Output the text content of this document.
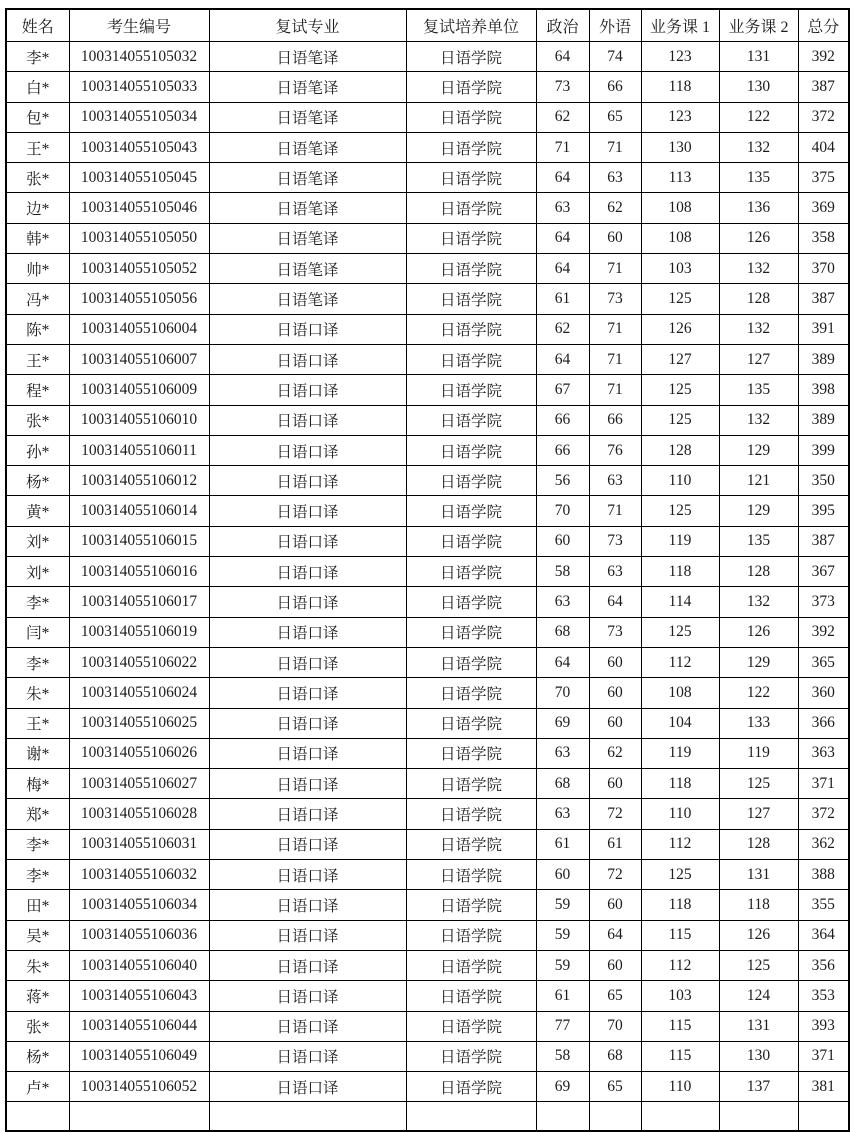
姓名	考生编号	复试专业	复试培养单位	政治	外语	业务课 1	业务课 2	总分
李*	100314055105032	日语笔译	日语学院	64	74	123	131	392
白*	100314055105033	日语笔译	日语学院	73	66	118	130	387
包*	100314055105034	日语笔译	日语学院	62	65	123	122	372
王*	100314055105043	日语笔译	日语学院	71	71	130	132	404
张*	100314055105045	日语笔译	日语学院	64	63	113	135	375
边*	100314055105046	日语笔译	日语学院	63	62	108	136	369
韩*	100314055105050	日语笔译	日语学院	64	60	108	126	358
帅*	100314055105052	日语笔译	日语学院	64	71	103	132	370
冯*	100314055105056	日语笔译	日语学院	61	73	125	128	387
陈*	100314055106004	日语口译	日语学院	62	71	126	132	391
王*	100314055106007	日语口译	日语学院	64	71	127	127	389
程*	100314055106009	日语口译	日语学院	67	71	125	135	398
张*	100314055106010	日语口译	日语学院	66	66	125	132	389
孙*	100314055106011	日语口译	日语学院	66	76	128	129	399
杨*	100314055106012	日语口译	日语学院	56	63	110	121	350
黄*	100314055106014	日语口译	日语学院	70	71	125	129	395
刘*	100314055106015	日语口译	日语学院	60	73	119	135	387
刘*	100314055106016	日语口译	日语学院	58	63	118	128	367
李*	100314055106017	日语口译	日语学院	63	64	114	132	373
闫*	100314055106019	日语口译	日语学院	68	73	125	126	392
李*	100314055106022	日语口译	日语学院	64	60	112	129	365
朱*	100314055106024	日语口译	日语学院	70	60	108	122	360
王*	100314055106025	日语口译	日语学院	69	60	104	133	366
谢*	100314055106026	日语口译	日语学院	63	62	119	119	363
梅*	100314055106027	日语口译	日语学院	68	60	118	125	371
郑*	100314055106028	日语口译	日语学院	63	72	110	127	372
李*	100314055106031	日语口译	日语学院	61	61	112	128	362
李*	100314055106032	日语口译	日语学院	60	72	125	131	388
田*	100314055106034	日语口译	日语学院	59	60	118	118	355
吴*	100314055106036	日语口译	日语学院	59	64	115	126	364
朱*	100314055106040	日语口译	日语学院	59	60	112	125	356
蒋*	100314055106043	日语口译	日语学院	61	65	103	124	353
张*	100314055106044	日语口译	日语学院	77	70	115	131	393
杨*	100314055106049	日语口译	日语学院	58	68	115	130	371
卢*	100314055106052	日语口译	日语学院	69	65	110	137	381
